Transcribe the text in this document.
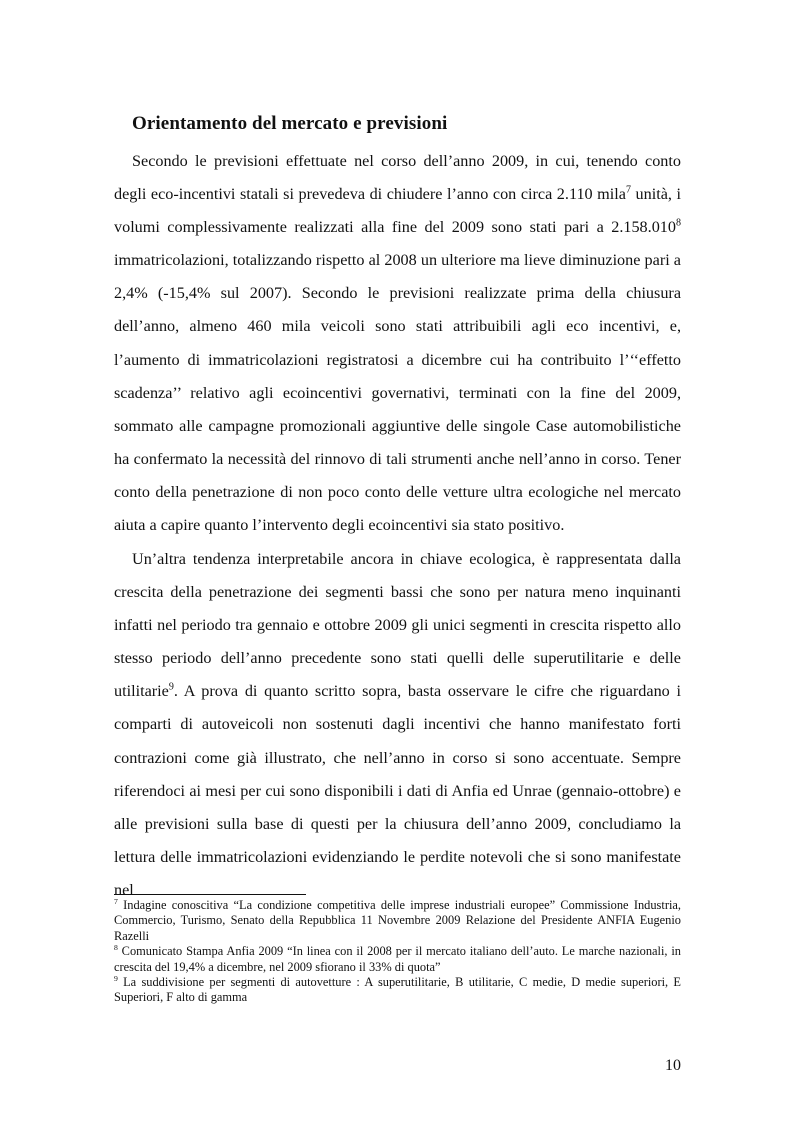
Orientamento del mercato e previsioni

Secondo le previsioni effettuate nel corso dell’anno 2009, in cui, tenendo conto degli eco-incentivi statali si prevedeva di chiudere l’anno con circa 2.110 mila$^7$ unità, i volumi complessivamente realizzati alla fine del 2009 sono stati pari a 2.158.010$^8$ immatricolazioni, totalizzando rispetto al 2008 un ulteriore ma lieve diminuzione pari a 2,4% (-15,4% sul 2007). Secondo le previsioni realizzate prima della chiusura dell’anno, almeno 460 mila veicoli sono stati attribuibili agli eco incentivi, e, l’aumento di immatricolazioni registratosi a dicembre cui ha contribuito l’‘‘effetto scadenza’’ relativo agli ecoincentivi governativi, terminati con la fine del 2009, sommato alle campagne promozionali aggiuntive delle singole Case automobilistiche ha confermato la necessità del rinnovo di tali strumenti anche nell’anno in corso. Tener conto della penetrazione di non poco conto delle vetture ultra ecologiche nel mercato aiuta a capire quanto l’intervento degli ecoincentivi sia stato positivo.

Un’altra tendenza interpretabile ancora in chiave ecologica, è rappresentata dalla crescita della penetrazione dei segmenti bassi che sono per natura meno inquinanti infatti nel periodo tra gennaio e ottobre 2009 gli unici segmenti in crescita rispetto allo stesso periodo dell’anno precedente sono stati quelli delle superutilitarie e delle utilitarie$^9$. A prova di quanto scritto sopra, basta osservare le cifre che riguardano i comparti di autoveicoli non sostenuti dagli incentivi che hanno manifestato forti contrazioni come già illustrato, che nell’anno in corso si sono accentuate. Sempre riferendoci ai mesi per cui sono disponibili i dati di Anfia ed Unrae (gennaio-ottobre) e alle previsioni sulla base di questi per la chiusura dell’anno 2009, concludiamo la lettura delle immatricolazioni evidenziando le perdite notevoli che si sono manifestate nel

$^7$ Indagine conoscitiva “La condizione competitiva delle imprese industriali europee” Commissione Industria, Commercio, Turismo, Senato della Repubblica 11 Novembre 2009 Relazione del Presidente ANFIA Eugenio Razelli

$^8$ Comunicato Stampa Anfia 2009 “In linea con il 2008 per il mercato italiano dell’auto. Le marche nazionali, in crescita del 19,4% a dicembre, nel 2009 sfiorano il 33% di quota”

$^9$ La suddivisione per segmenti di autovetture : A superutilitarie, B utilitarie, C medie, D medie superiori, E Superiori, F alto di gamma

10
